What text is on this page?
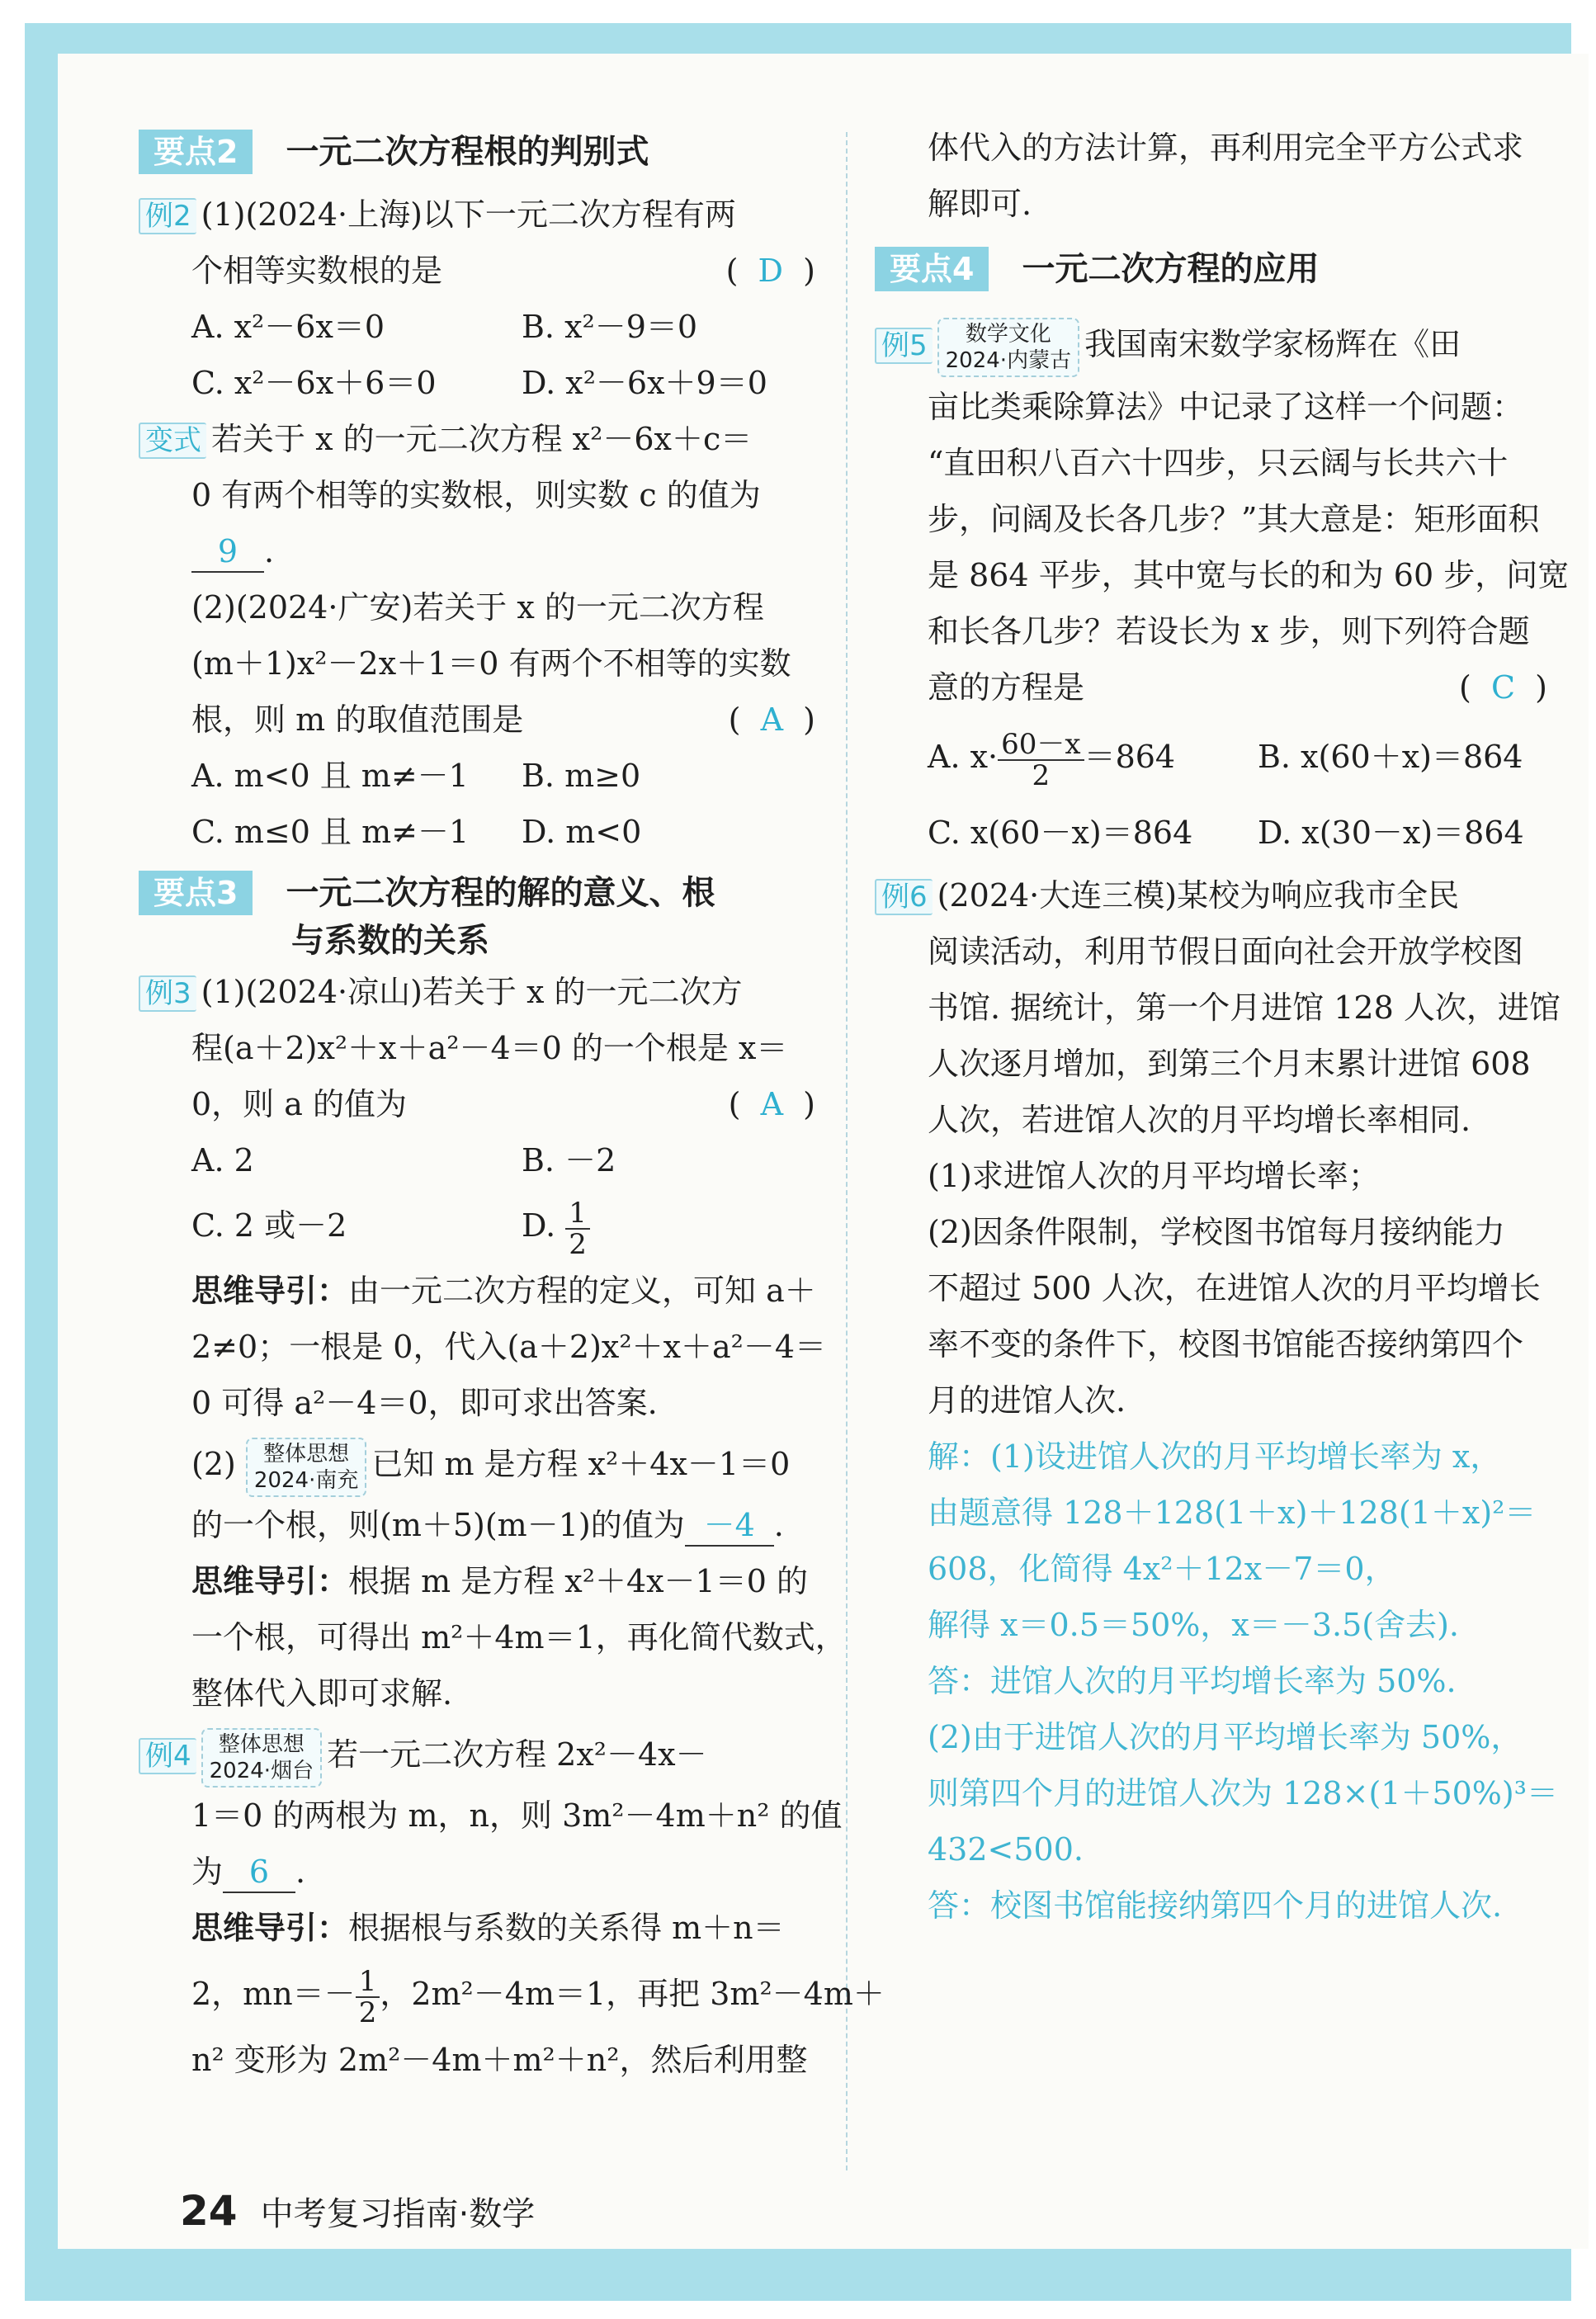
要点2 一元二次方程根的判别式
例2 (1)(2024·上海)以下一元二次方程有两
个相等实数根的是	(  D  )
A. x²－6x＝0	B. x²－9＝0
C. x²－6x＋6＝0	D. x²－6x＋9＝0
变式 若关于 x 的一元二次方程 x²－6x＋c＝
0 有两个相等的实数根，则实数 c 的值为
9 .
(2)(2024·广安)若关于 x 的一元二次方程
(m＋1)x²－2x＋1＝0 有两个不相等的实数
根，则 m 的取值范围是	(  A  )
A. m<0 且 m≠－1 B. m≥0
C. m≤0 且 m≠－1 D. m<0
要点3 一元二次方程的解的意义、根
与系数的关系
例3 (1)(2024·凉山)若关于 x 的一元二次方
程(a＋2)x²＋x＋a²－4＝0 的一个根是 x＝
0，则 a 的值为	(  A  )
A. 2	B. －2
C. 2 或－2	D. $\frac{1}{2}$
思维导引：由一元二次方程的定义，可知 a＋
2≠0；一根是 0，代入(a＋2)x²＋x＋a²－4＝
0 可得 a²－4＝0，即可求出答案.
(2)	整体思想
2024·南充 已知 m 是方程 x²＋4x－1＝0
的一个根，则(m＋5)(m－1)的值为 －4 .
思维导引：根据 m 是方程 x²＋4x－1＝0 的
一个根，可得出 m²＋4m＝1，再化简代数式，
整体代入即可求解.
例4	整体思想
2024·烟台 若一元二次方程 2x²－4x－
1＝0 的两根为 m，n，则 3m²－4m＋n² 的值
为 6 .
思维导引：根据根与系数的关系得 m＋n＝
2，$mn=- \frac{1}{2}$ ，2m²－4m＝1，再把 3m²－4m＋
n² 变形为 2m²－4m＋m²＋n²，然后利用整
体代入的方法计算，再利用完全平方公式求
解即可.
要点4 一元二次方程的应用
例5	数学文化
2024·内蒙古 我国南宋数学家杨辉在《田
亩比类乘除算法》中记录了这样一个问题：
“直田积八百六十四步，只云阔与长共六十
步，问阔及长各几步？”其大意是：矩形面积
是 864 平步，其中宽与长的和为 60 步，问宽
和长各几步？若设长为 x 步，则下列符合题
意的方程是	(  C  )
A. $x\cdot \frac{60-x}{2} =864$	B. x(60＋x)＝864
C. x(60－x)＝864 D. x(30－x)＝864
例6 (2024·大连三模)某校为响应我市全民
阅读活动，利用节假日面向社会开放学校图
书馆. 据统计，第一个月进馆 128 人次，进馆
人次逐月增加，到第三个月末累计进馆 608
人次，若进馆人次的月平均增长率相同.
(1)求进馆人次的月平均增长率；
(2)因条件限制，学校图书馆每月接纳能力
不超过 500 人次，在进馆人次的月平均增长
率不变的条件下，校图书馆能否接纳第四个
月的进馆人次.
解：(1)设进馆人次的月平均增长率为 x，
由题意得 128＋128(1＋x)＋128(1＋x)²＝
608，化简得 4x²＋12x－7＝0，
解得 x＝0.5＝50%，x＝－3.5(舍去).
答：进馆人次的月平均增长率为 50%.
(2)由于进馆人次的月平均增长率为 50%，
则第四个月的进馆人次为 128×(1＋50%)³＝
432<500.
答：校图书馆能接纳第四个月的进馆人次.
24 中考复习指南·数学
